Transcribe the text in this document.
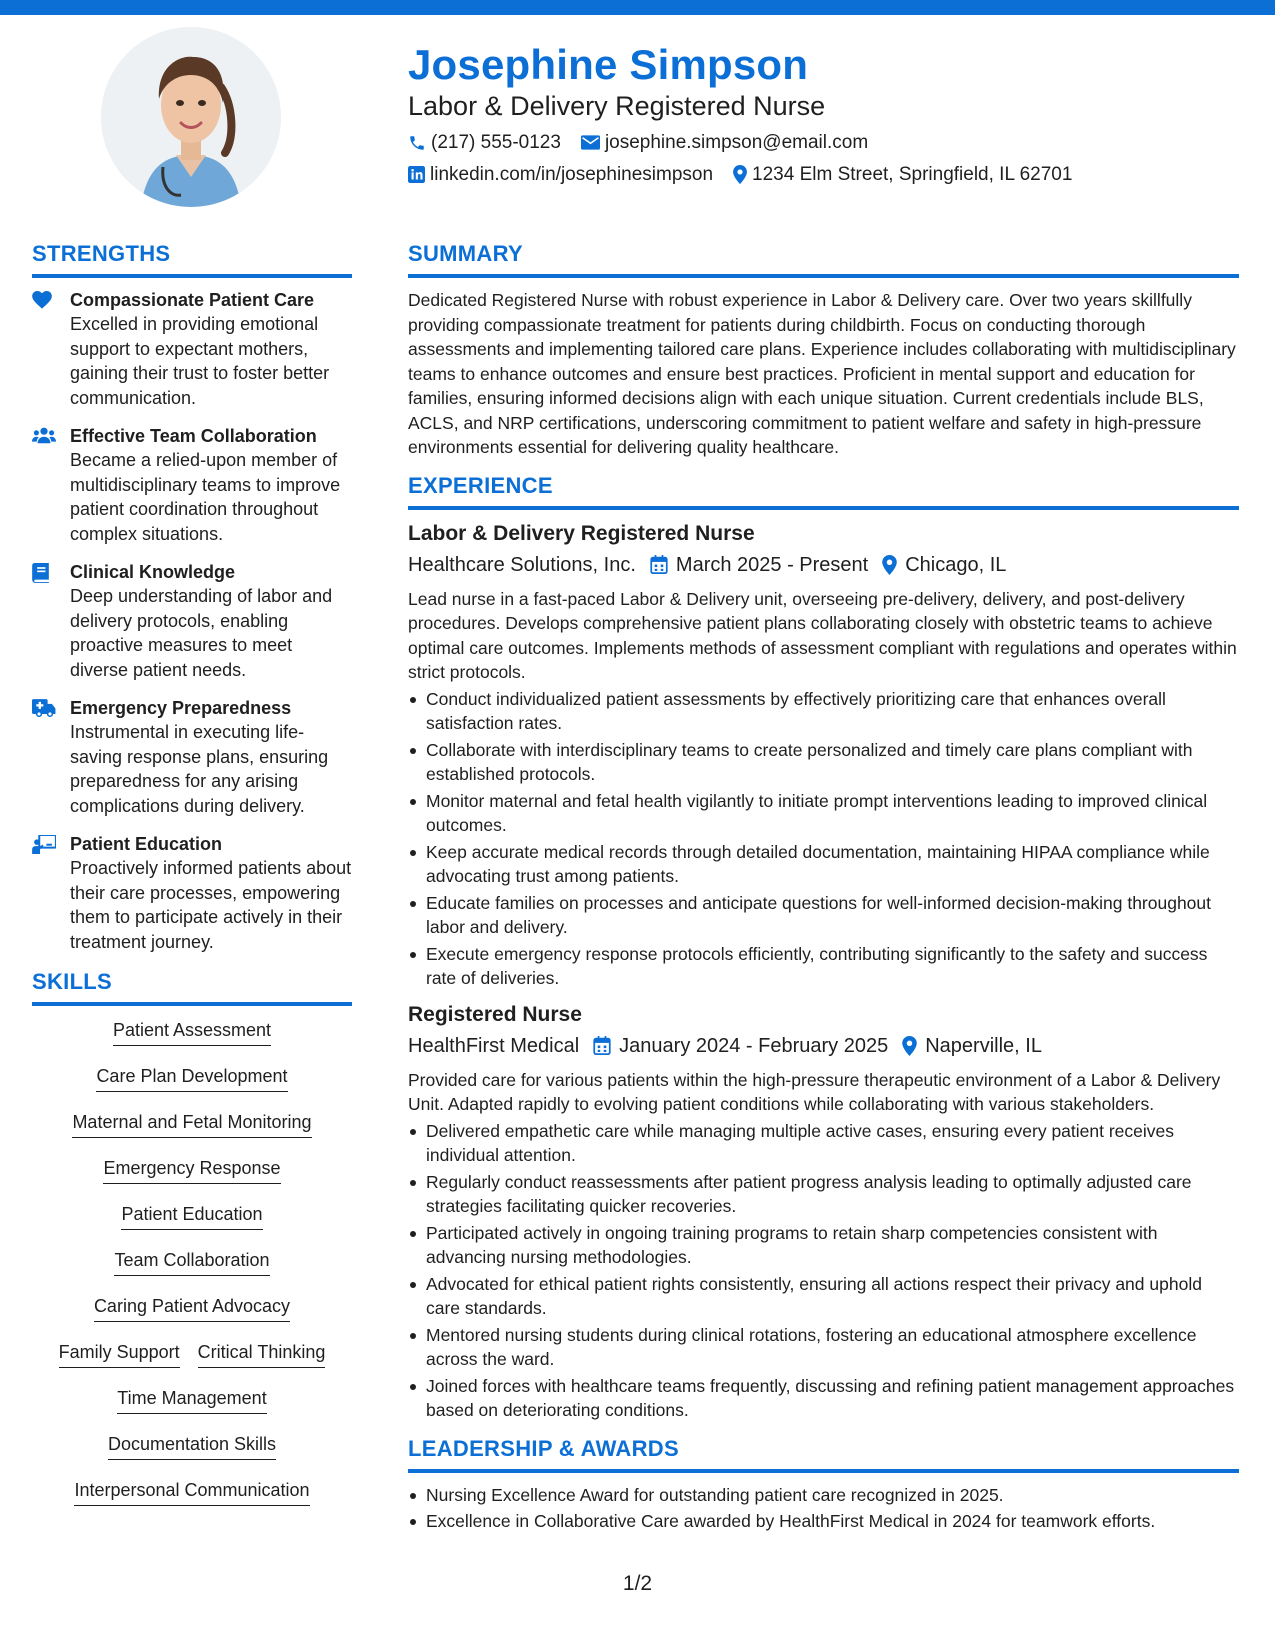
Josephine Simpson
Labor & Delivery Registered Nurse
(217) 555-0123 josephine.simpson@email.com
linkedin.com/in/josephinesimpson 1234 Elm Street, Springfield, IL 62701
STRENGTHS
Compassionate Patient Care
Excelled in providing emotional support to expectant mothers, gaining their trust to foster better communication.
Effective Team Collaboration
Became a relied-upon member of multidisciplinary teams to improve patient coordination throughout complex situations.
Clinical Knowledge
Deep understanding of labor and delivery protocols, enabling proactive measures to meet diverse patient needs.
Emergency Preparedness
Instrumental in executing life-saving response plans, ensuring preparedness for any arising complications during delivery.
Patient Education
Proactively informed patients about their care processes, empowering them to participate actively in their treatment journey.
SKILLS
Patient Assessment
Care Plan Development
Maternal and Fetal Monitoring
Emergency Response
Patient Education
Team Collaboration
Caring Patient Advocacy
Family Support Critical Thinking
Time Management
Documentation Skills
Interpersonal Communication
SUMMARY
Dedicated Registered Nurse with robust experience in Labor & Delivery care. Over two years skillfully providing compassionate treatment for patients during childbirth. Focus on conducting thorough assessments and implementing tailored care plans. Experience includes collaborating with multidisciplinary teams to enhance outcomes and ensure best practices. Proficient in mental support and education for families, ensuring informed decisions align with each unique situation. Current credentials include BLS, ACLS, and NRP certifications, underscoring commitment to patient welfare and safety in high-pressure environments essential for delivering quality healthcare.
EXPERIENCE
Labor & Delivery Registered Nurse
Healthcare Solutions, Inc. March 2025 - Present Chicago, IL
Lead nurse in a fast-paced Labor & Delivery unit, overseeing pre-delivery, delivery, and post-delivery procedures. Develops comprehensive patient plans collaborating closely with obstetric teams to achieve optimal care outcomes. Implements methods of assessment compliant with regulations and operates within strict protocols.
Conduct individualized patient assessments by effectively prioritizing care that enhances overall satisfaction rates.
Collaborate with interdisciplinary teams to create personalized and timely care plans compliant with established protocols.
Monitor maternal and fetal health vigilantly to initiate prompt interventions leading to improved clinical outcomes.
Keep accurate medical records through detailed documentation, maintaining HIPAA compliance while advocating trust among patients.
Educate families on processes and anticipate questions for well-informed decision-making throughout labor and delivery.
Execute emergency response protocols efficiently, contributing significantly to the safety and success rate of deliveries.
Registered Nurse
HealthFirst Medical January 2024 - February 2025 Naperville, IL
Provided care for various patients within the high-pressure therapeutic environment of a Labor & Delivery Unit. Adapted rapidly to evolving patient conditions while collaborating with various stakeholders.
Delivered empathetic care while managing multiple active cases, ensuring every patient receives individual attention.
Regularly conduct reassessments after patient progress analysis leading to optimally adjusted care strategies facilitating quicker recoveries.
Participated actively in ongoing training programs to retain sharp competencies consistent with advancing nursing methodologies.
Advocated for ethical patient rights consistently, ensuring all actions respect their privacy and uphold care standards.
Mentored nursing students during clinical rotations, fostering an educational atmosphere excellence across the ward.
Joined forces with healthcare teams frequently, discussing and refining patient management approaches based on deteriorating conditions.
LEADERSHIP & AWARDS
Nursing Excellence Award for outstanding patient care recognized in 2025.
Excellence in Collaborative Care awarded by HealthFirst Medical in 2024 for teamwork efforts.
1/2
